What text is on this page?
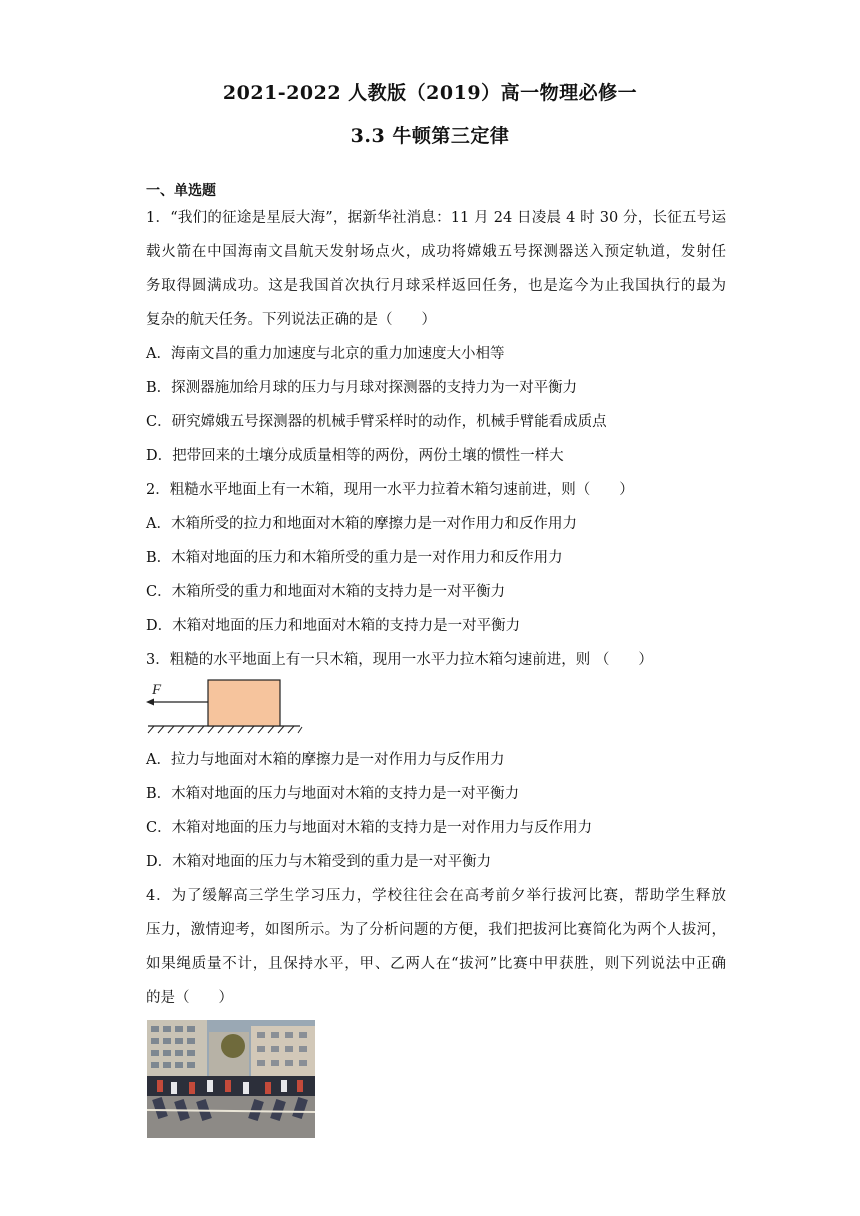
2021-2022 人教版（2019）高一物理必修一
3.3 牛顿第三定律
一、单选题
1．“我们的征途是星辰大海”，据新华社消息：11 月 24 日凌晨 4 时 30 分，长征五号运
载火箭在中国海南文昌航天发射场点火，成功将嫦娥五号探测器送入预定轨道，发射任
务取得圆满成功。这是我国首次执行月球采样返回任务，也是迄今为止我国执行的最为
复杂的航天任务。下列说法正确的是（　　）
A．海南文昌的重力加速度与北京的重力加速度大小相等
B．探测器施加给月球的压力与月球对探测器的支持力为一对平衡力
C．研究嫦娥五号探测器的机械手臂采样时的动作，机械手臂能看成质点
D．把带回来的土壤分成质量相等的两份，两份土壤的惯性一样大
2．粗糙水平地面上有一木箱，现用一水平力拉着木箱匀速前进，则（　　）
A．木箱所受的拉力和地面对木箱的摩擦力是一对作用力和反作用力
B．木箱对地面的压力和木箱所受的重力是一对作用力和反作用力
C．木箱所受的重力和地面对木箱的支持力是一对平衡力
D．木箱对地面的压力和地面对木箱的支持力是一对平衡力
3．粗糙的水平地面上有一只木箱，现用一水平力拉木箱匀速前进，则 （　　）
F
A．拉力与地面对木箱的摩擦力是一对作用力与反作用力
B．木箱对地面的压力与地面对木箱的支持力是一对平衡力
C．木箱对地面的压力与地面对木箱的支持力是一对作用力与反作用力
D．木箱对地面的压力与木箱受到的重力是一对平衡力
4．为了缓解高三学生学习压力，学校往往会在高考前夕举行拔河比赛，帮助学生释放
压力，激情迎考，如图所示。为了分析问题的方便，我们把拔河比赛简化为两个人拔河，
如果绳质量不计，且保持水平，甲、乙两人在“拔河”比赛中甲获胜，则下列说法中正确
的是（　　）
